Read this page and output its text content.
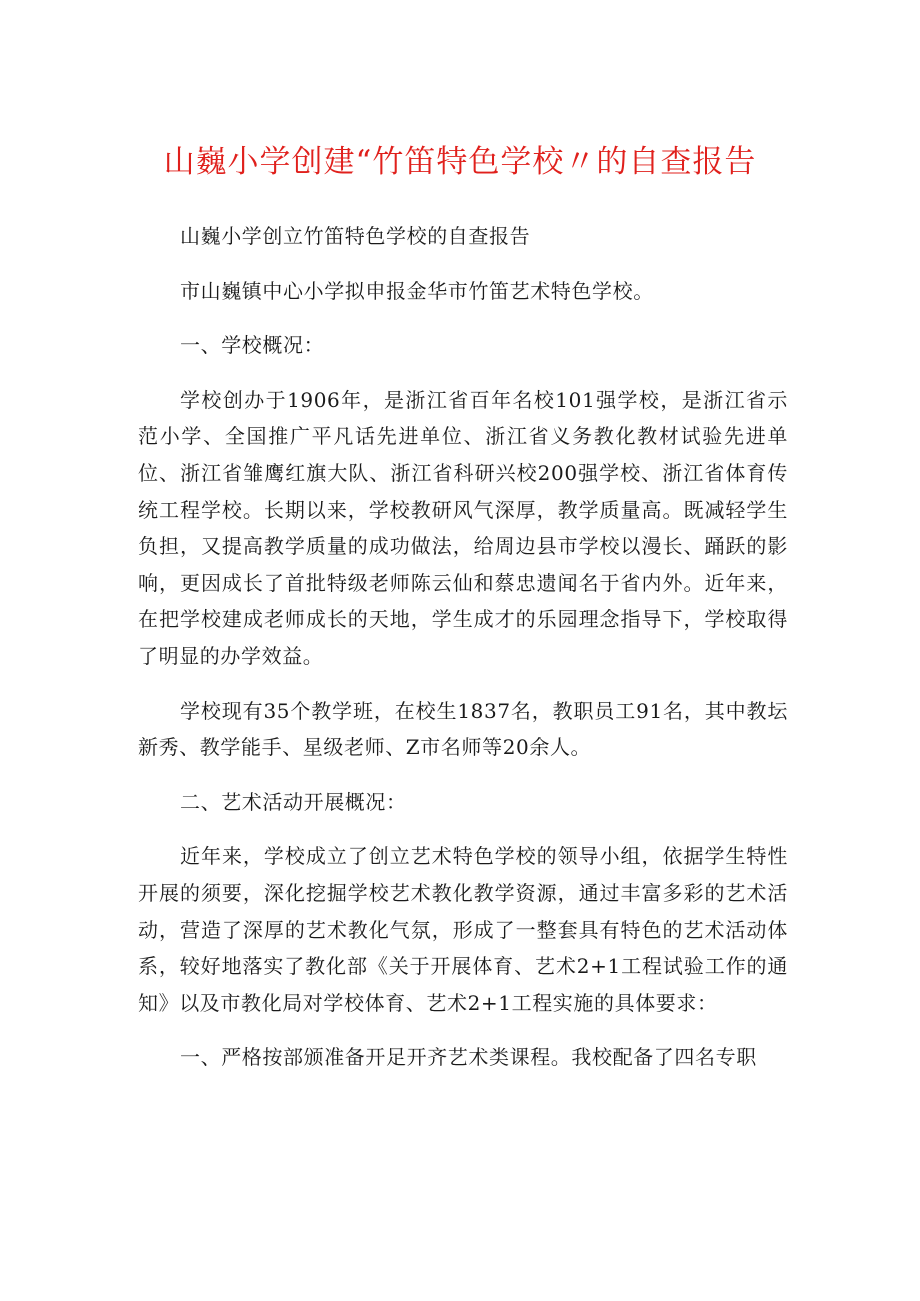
山巍小学创建“竹笛特色学校〃的自查报告

山巍小学创立竹笛特色学校的自查报告

市山巍镇中心小学拟申报金华市竹笛艺术特色学校。

一、学校概况：

学校创办于1906年，是浙江省百年名校101强学校，是浙江省示范小学、全国推广平凡话先进单位、浙江省义务教化教材试验先进单位、浙江省雏鹰红旗大队、浙江省科研兴校200强学校、浙江省体育传统工程学校。长期以来，学校教研风气深厚，教学质量高。既减轻学生负担，又提高教学质量的成功做法，给周边县市学校以漫长、踊跃的影响，更因成长了首批特级老师陈云仙和蔡忠遗闻名于省内外。近年来，在把学校建成老师成长的天地，学生成才的乐园理念指导下，学校取得了明显的办学效益。

学校现有35个教学班，在校生1837名，教职员工91名，其中教坛新秀、教学能手、星级老师、Z市名师等20余人。

二、艺术活动开展概况：

近年来，学校成立了创立艺术特色学校的领导小组，依据学生特性开展的须要，深化挖掘学校艺术教化教学资源，通过丰富多彩的艺术活动，营造了深厚的艺术教化气氛，形成了一整套具有特色的艺术活动体系，较好地落实了教化部《关于开展体育、艺术2+1工程试验工作的通知》以及市教化局对学校体育、艺术2+1工程实施的具体要求：

一、严格按部颁准备开足开齐艺术类课程。我校配备了四名专职
